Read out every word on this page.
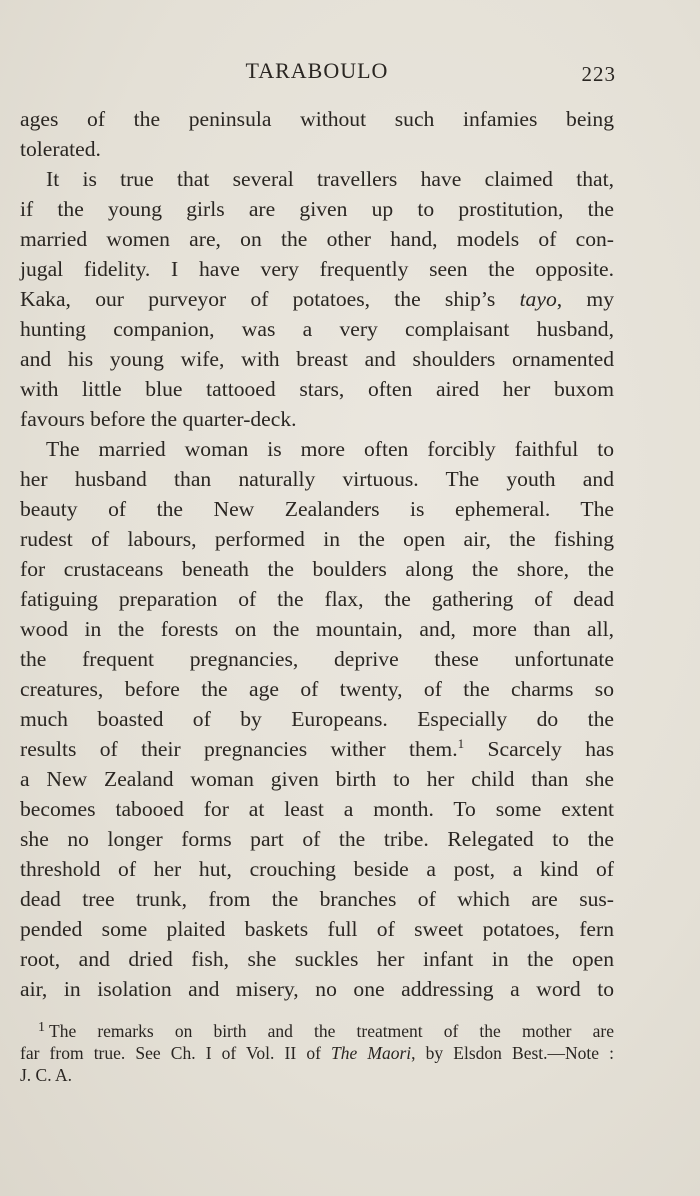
TARABOULO	223
ages of the peninsula without such infamies being
tolerated.
It is true that several travellers have claimed that,
if the young girls are given up to prostitution, the
married women are, on the other hand, models of con-
jugal fidelity. I have very frequently seen the opposite.
Kaka, our purveyor of potatoes, the ship’s tayo, my
hunting companion, was a very complaisant husband,
and his young wife, with breast and shoulders ornamented
with little blue tattooed stars, often aired her buxom
favours before the quarter-deck.
The married woman is more often forcibly faithful to
her husband than naturally virtuous. The youth and
beauty of the New Zealanders is ephemeral. The
rudest of labours, performed in the open air, the fishing
for crustaceans beneath the boulders along the shore, the
fatiguing preparation of the flax, the gathering of dead
wood in the forests on the mountain, and, more than all,
the frequent pregnancies, deprive these unfortunate
creatures, before the age of twenty, of the charms so
much boasted of by Europeans. Especially do the
results of their pregnancies wither them.$^1$ Scarcely has
a New Zealand woman given birth to her child than she
becomes tabooed for at least a month. To some extent
she no longer forms part of the tribe. Relegated to the
threshold of her hut, crouching beside a post, a kind of
dead tree trunk, from the branches of which are sus-
pended some plaited baskets full of sweet potatoes, fern
root, and dried fish, she suckles her infant in the open
air, in isolation and misery, no one addressing a word to
$^1$ The remarks on birth and the treatment of the mother are
far from true. See Ch. I of Vol. II of The Maori, by Elsdon Best.—Note :
J. C. A.
